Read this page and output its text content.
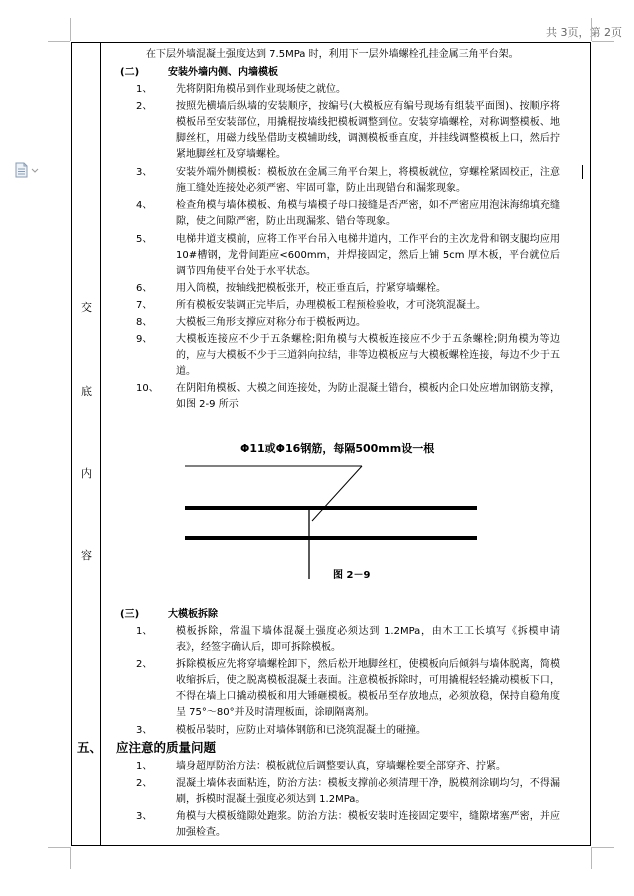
共 3页，第 2页
交
底
内
容
在下层外墙混凝土强度达到 7.5MPa 时，利用下一层外墙螺栓孔挂金属三角平台架。
(二)	安装外墙内侧、内墙模板
1、	先将阴阳角模吊到作业现场使之就位。
2、	按照先横墙后纵墙的安装顺序，按编号(大模板应有编号现场有组装平面图)、按顺序将模板吊至安装部位，用撬棍按墙线把模板调整到位。安装穿墙螺栓，对称调整模板、地脚丝杠，用磁力线坠借助支模辅助线，调测模板垂直度，并挂线调整模板上口，然后拧紧地脚丝杠及穿墙螺栓。
3、	安装外端外侧模板：模板放在金属三角平台架上，将模板就位，穿螺栓紧固校正，注意施工缝处连接处必须严密、牢固可靠，防止出现错台和漏浆现象。
4、	检查角模与墙体模板、角模与墙模子母口接缝是否严密，如不严密应用泡沫海绵填充缝隙，使之间隙严密，防止出现漏浆、错台等现象。
5、	电梯井道支模前，应将工作平台吊入电梯井道内，工作平台的主次龙骨和钢支腿均应用 10#槽钢，龙骨间距应<600mm，并焊接固定，然后上铺 5cm 厚木板，平台就位后调节四角使平台处于水平状态。
6、	用入筒模，按轴线把模板张开，校正垂直后，拧紧穿墙螺栓。
7、	所有模板安装调正完毕后，办理模板工程预检验收，才可浇筑混凝土。
8、	大模板三角形支撑应对称分布于模板两边。
9、	大模板连接应不少于五条螺栓;阳角模与大模板连接应不少于五条螺栓;阴角模为等边的，应与大模板不少于三道斜向拉结，非等边模板应与大模板螺栓连接，每边不少于五道。
10、	在阴阳角模板、大模之间连接处，为防止混凝土错台，模板内企口处应增加钢筋支撑，如图 2-9 所示
Φ11或Φ16钢筋，每隔500mm设一根
图 2－9
(三)	大模板拆除
1、	模板拆除，常温下墙体混凝土强度必须达到 1.2MPa，由木工工长填写《拆模申请表》，经签字确认后，即可拆除模板。
2、	拆除模板应先将穿墙螺栓卸下，然后松开地脚丝杠，使模板向后倾斜与墙体脱离，简模收缩拆后，使之脱离模板混凝土表面。注意模板拆除时，可用撬棍轻轻撬动模板下口，不得在墙上口撬动模板和用大锤砸模板。模板吊至存放地点，必须放稳，保持自稳角度呈 75°～80°并及时清理板面，涂刷隔离剂。
3、	模板吊装时，应防止对墙体钢筋和已浇筑混凝土的碰撞。
五、 应注意的质量问题
1、	墙身超厚防治方法：模板就位后调整要认真，穿墙螺栓要全部穿齐、拧紧。
2、	混凝土墙体表面粘连，防治方法：模板支撑前必须清理干净，脱模剂涂刷均匀，不得漏刷，拆模时混凝土强度必须达到 1.2MPa。
3、	角模与大模板缝隙处跑浆。防治方法：模板安装时连接固定要牢，缝隙堵塞严密，并应加强检查。
